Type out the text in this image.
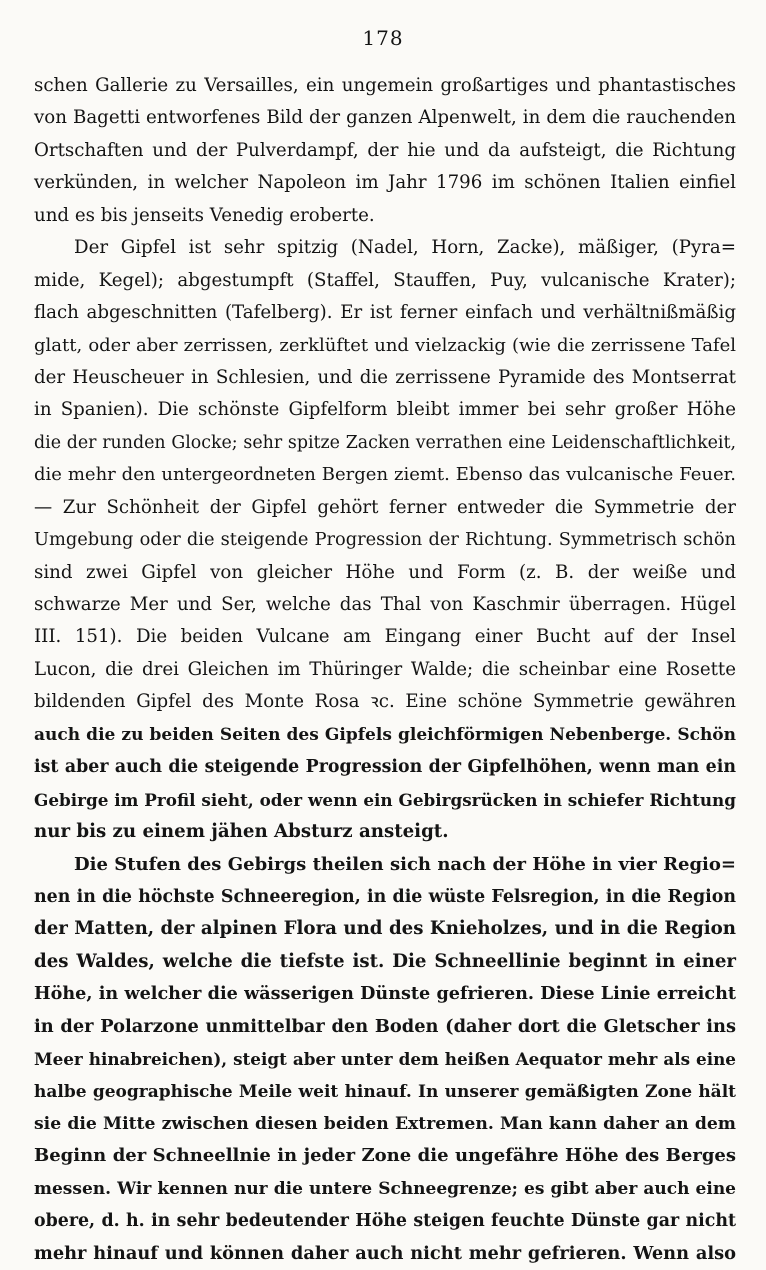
178
schen Gallerie zu Versailles, ein ungemein großartiges und phantastisches
von Bagetti entworfenes Bild der ganzen Alpenwelt, in dem die rauchenden
Ortschaften und der Pulverdampf, der hie und da aufsteigt, die Richtung
verkünden, in welcher Napoleon im Jahr 1796 im schönen Italien einfiel
und es bis jenseits Venedig eroberte.
Der Gipfel ist sehr spitzig (Nadel, Horn, Zacke), mäßiger, (Pyra=
mide, Kegel); abgestumpft (Staffel, Stauffen, Puy, vulcanische Krater);
flach abgeschnitten (Tafelberg). Er ist ferner einfach und verhältnißmäßig
glatt, oder aber zerrissen, zerklüftet und vielzackig (wie die zerrissene Tafel
der Heuscheuer in Schlesien, und die zerrissene Pyramide des Montserrat
in Spanien). Die schönste Gipfelform bleibt immer bei sehr großer Höhe
die der runden Glocke; sehr spitze Zacken verrathen eine Leidenschaftlichkeit,
die mehr den untergeordneten Bergen ziemt. Ebenso das vulcanische Feuer.
— Zur Schönheit der Gipfel gehört ferner entweder die Symmetrie der
Umgebung oder die steigende Progression der Richtung. Symmetrisch schön
sind zwei Gipfel von gleicher Höhe und Form (z. B. der weiße und
schwarze Mer und Ser, welche das Thal von Kaschmir überragen. Hügel
III. 151). Die beiden Vulcane am Eingang einer Bucht auf der Insel
Lucon, die drei Gleichen im Thüringer Walde; die scheinbar eine Rosette
bildenden Gipfel des Monte Rosa ꝛc. Eine schöne Symmetrie gewähren
auch die zu beiden Seiten des Gipfels gleichförmigen Nebenberge. Schön
ist aber auch die steigende Progression der Gipfelhöhen, wenn man ein
Gebirge im Profil sieht, oder wenn ein Gebirgsrücken in schiefer Richtung
nur bis zu einem jähen Absturz ansteigt.
Die Stufen des Gebirgs theilen sich nach der Höhe in vier Regio=
nen in die höchste Schneeregion, in die wüste Felsregion, in die Region
der Matten, der alpinen Flora und des Knieholzes, und in die Region
des Waldes, welche die tiefste ist. Die Schneellinie beginnt in einer
Höhe, in welcher die wässerigen Dünste gefrieren. Diese Linie erreicht
in der Polarzone unmittelbar den Boden (daher dort die Gletscher ins
Meer hinabreichen), steigt aber unter dem heißen Aequator mehr als eine
halbe geographische Meile weit hinauf. In unserer gemäßigten Zone hält
sie die Mitte zwischen diesen beiden Extremen. Man kann daher an dem
Beginn der Schneellnie in jeder Zone die ungefähre Höhe des Berges
messen. Wir kennen nur die untere Schneegrenze; es gibt aber auch eine
obere, d. h. in sehr bedeutender Höhe steigen feuchte Dünste gar nicht
mehr hinauf und können daher auch nicht mehr gefrieren. Wenn also
